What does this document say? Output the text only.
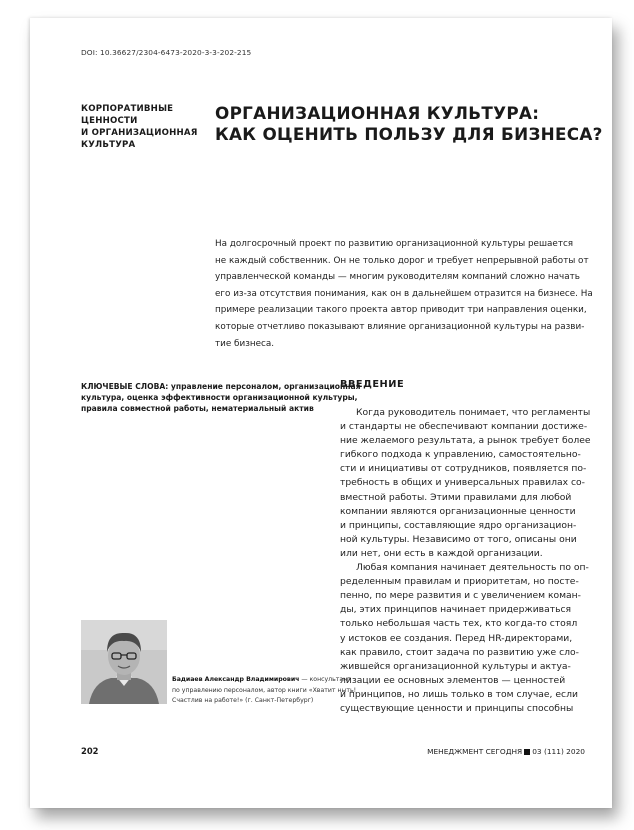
DOI: 10.36627/2304-6473-2020-3-3-202-215
КОРПОРАТИВНЫЕ
ЦЕННОСТИ
И ОРГАНИЗАЦИОННАЯ
КУЛЬТУРА
ОРГАНИЗАЦИОННАЯ КУЛЬТУРА:
КАК ОЦЕНИТЬ ПОЛЬЗУ ДЛЯ БИЗНЕСА?
На долгосрочный проект по развитию организационной культуры решается
не каждый собственник. Он не только дорог и требует непрерывной работы от
управленческой команды — многим руководителям компаний сложно начать
его из-за отсутствия понимания, как он в дальнейшем отразится на бизнесе. На
примере реализации такого проекта автор приводит три направления оценки,
которые отчетливо показывают влияние организационной культуры на разви-
тие бизнеса.
КЛЮЧЕВЫЕ СЛОВА: управление персоналом, организационная
культура, оценка эффективности организационной культуры,
правила совместной работы, нематериальный актив
ВВЕДЕНИЕ
Когда руководитель понимает, что регламенты
и стандарты не обеспечивают компании достиже-
ние желаемого результата, а рынок требует более
гибкого подхода к управлению, самостоятельно-
сти и инициативы от сотрудников, появляется по-
требность в общих и универсальных правилах со-
вместной работы. Этими правилами для любой
компании являются организационные ценности
и принципы, составляющие ядро организацион-
ной культуры. Независимо от того, описаны они
или нет, они есть в каждой организации.
Любая компания начинает деятельность по оп-
ределенным правилам и приоритетам, но посте-
пенно, по мере развития и с увеличением коман-
ды, этих принципов начинает придерживаться
только небольшая часть тех, кто когда-то стоял
у истоков ее создания. Перед HR-директорами,
как правило, стоит задача по развитию уже сло-
жившейся организационной культуры и актуа-
лизации ее основных элементов — ценностей
и принципов, но лишь только в том случае, если
существующие ценности и принципы способны
Бадиаев Александр Владимирович — консультант
по управлению персоналом, автор книги «Хватит ныть!
Счастлив на работе!» (г. Санкт-Петербург)
202	МЕНЕДЖМЕНТ СЕГОДНЯ 03 (111) 2020
